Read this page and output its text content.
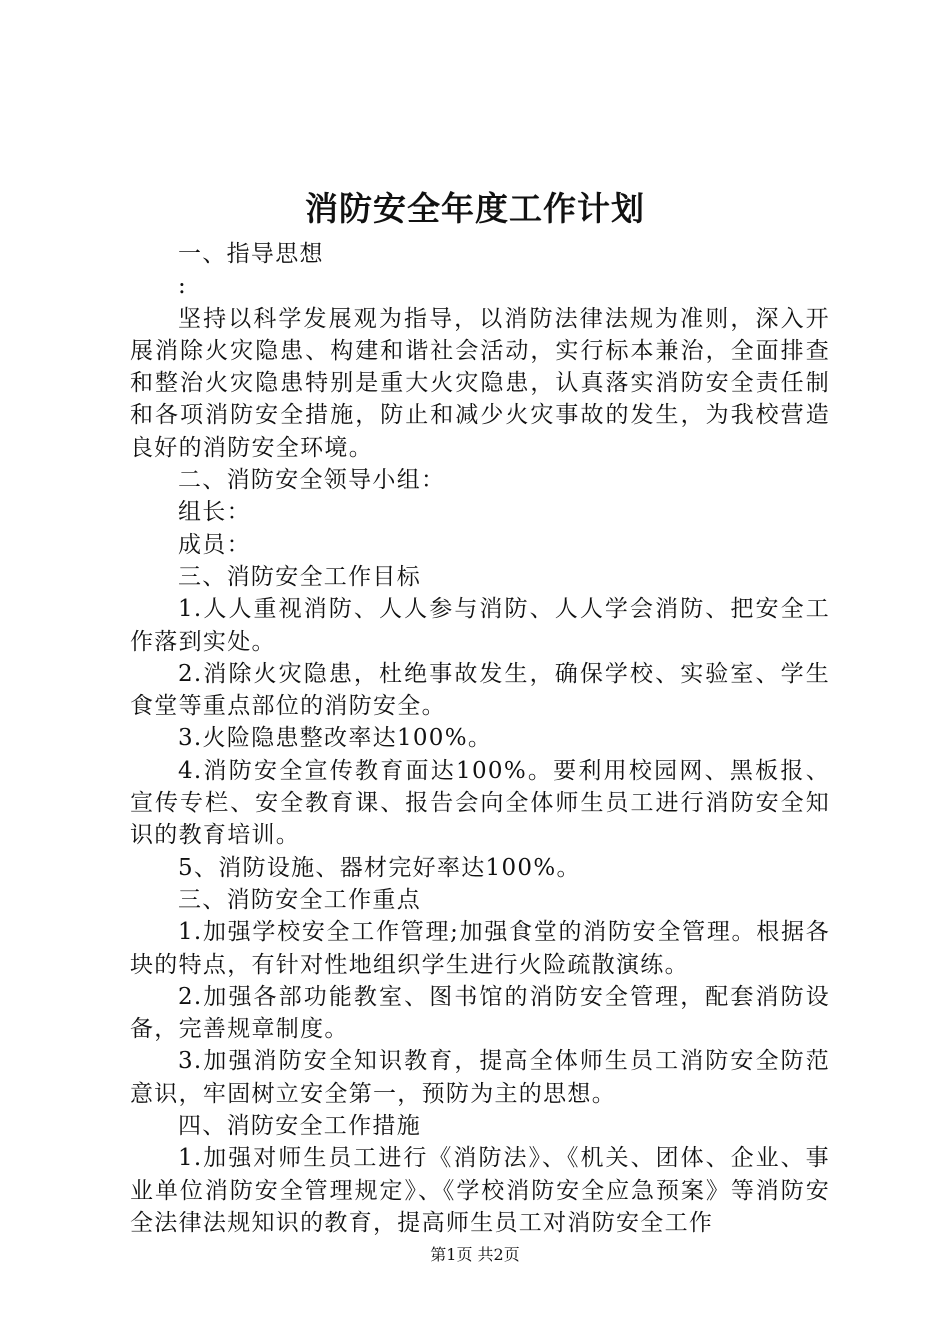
消防安全年度工作计划

一、指导思想

:

坚持以科学发展观为指导，以消防法律法规为准则，深入开展消除火灾隐患、构建和谐社会活动，实行标本兼治，全面排查和整治火灾隐患特别是重大火灾隐患，认真落实消防安全责任制和各项消防安全措施，防止和减少火灾事故的发生，为我校营造良好的消防安全环境。

二、消防安全领导小组：

组长：

成员：

三、消防安全工作目标

1.人人重视消防、人人参与消防、人人学会消防、把安全工作落到实处。

2.消除火灾隐患，杜绝事故发生，确保学校、实验室、学生食堂等重点部位的消防安全。

3.火险隐患整改率达100%。

4.消防安全宣传教育面达100%。要利用校园网、黑板报、宣传专栏、安全教育课、报告会向全体师生员工进行消防安全知识的教育培训。

5、消防设施、器材完好率达100%。

三、消防安全工作重点

1.加强学校安全工作管理;加强食堂的消防安全管理。根据各块的特点，有针对性地组织学生进行火险疏散演练。

2.加强各部功能教室、图书馆的消防安全管理，配套消防设备，完善规章制度。

3.加强消防安全知识教育，提高全体师生员工消防安全防范意识，牢固树立安全第一，预防为主的思想。

四、消防安全工作措施

1.加强对师生员工进行《消防法》、《机关、团体、企业、事业单位消防安全管理规定》、《学校消防安全应急预案》等消防安全法律法规知识的教育，提高师生员工对消防安全工作

第1页 共2页
